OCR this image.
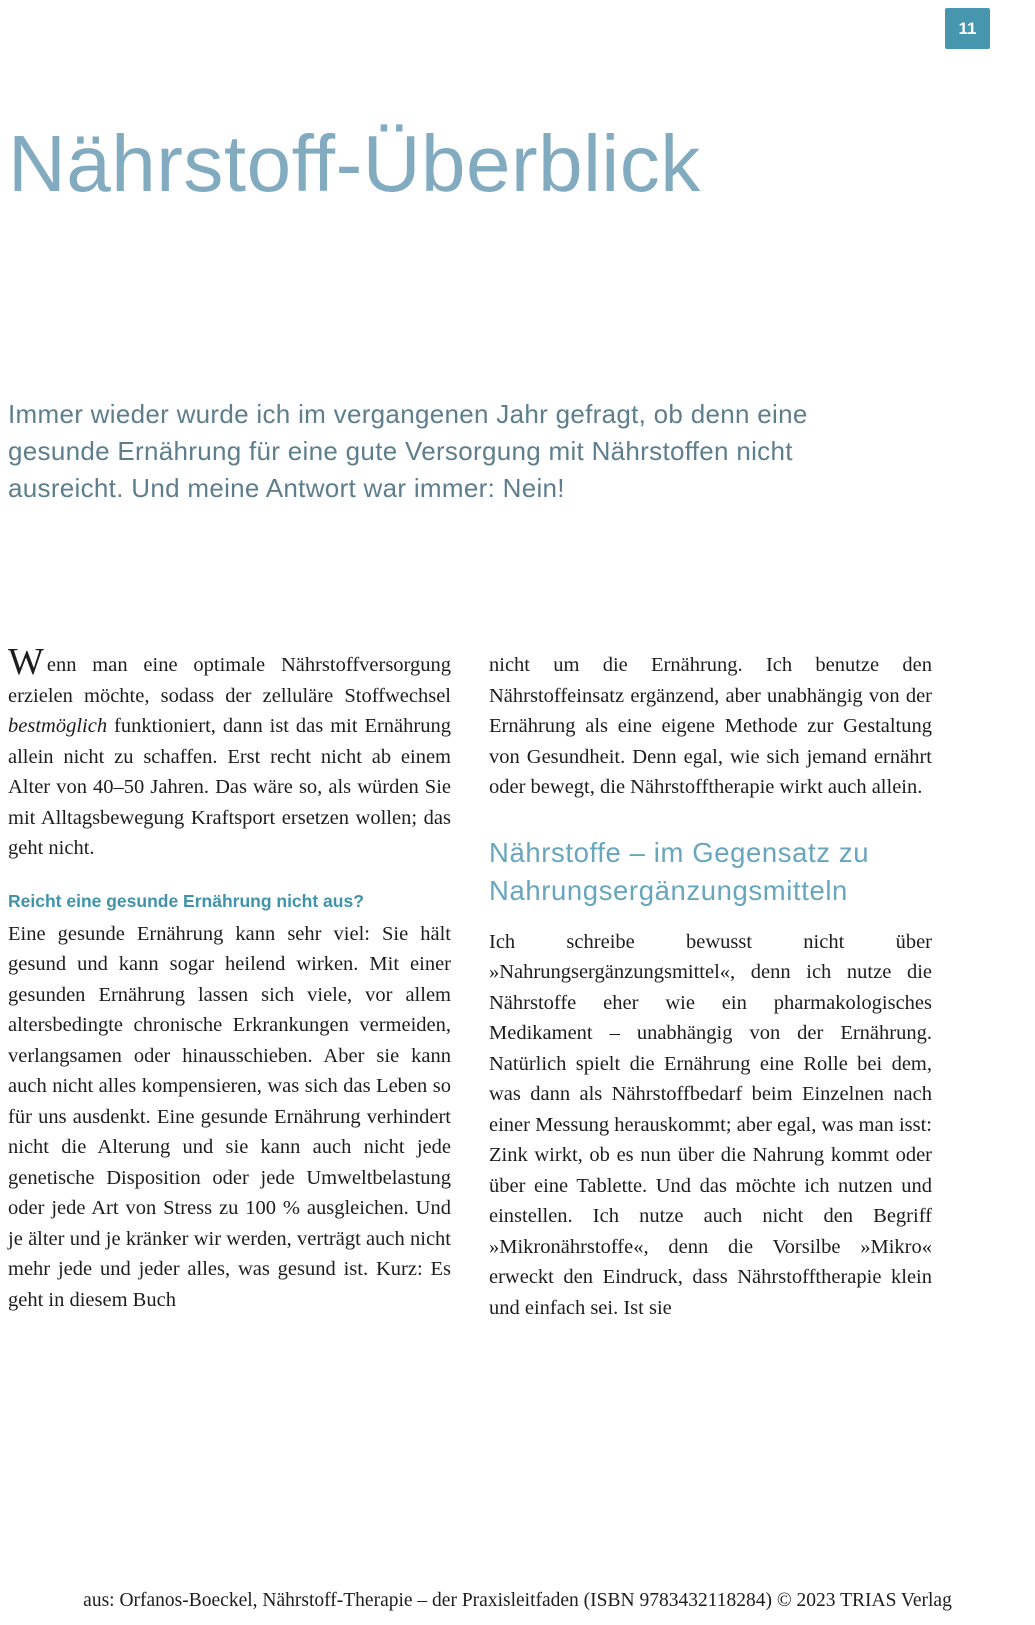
11
Nährstoff-Überblick

Immer wieder wurde ich im vergangenen Jahr gefragt, ob denn eine gesunde Ernährung für eine gute Versorgung mit Nährstoffen nicht ausreicht. Und meine Antwort war immer: Nein!

Wenn man eine optimale Nährstoffversorgung erzielen möchte, sodass der zelluläre Stoffwechsel bestmöglich funktioniert, dann ist das mit Ernährung allein nicht zu schaffen. Erst recht nicht ab einem Alter von 40–50 Jahren. Das wäre so, als würden Sie mit Alltagsbewegung Kraftsport ersetzen wollen; das geht nicht.

Reicht eine gesunde Ernährung nicht aus?

Eine gesunde Ernährung kann sehr viel: Sie hält gesund und kann sogar heilend wirken. Mit einer gesunden Ernährung lassen sich viele, vor allem altersbedingte chronische Erkrankungen vermeiden, verlangsamen oder hinausschieben. Aber sie kann auch nicht alles kompensieren, was sich das Leben so für uns ausdenkt. Eine gesunde Ernährung verhindert nicht die Alterung und sie kann auch nicht jede genetische Disposition oder jede Umweltbelastung oder jede Art von Stress zu 100 % ausgleichen. Und je älter und je kränker wir werden, verträgt auch nicht mehr jede und jeder alles, was gesund ist. Kurz: Es geht in diesem Buch

nicht um die Ernährung. Ich benutze den Nährstoffeinsatz ergänzend, aber unabhängig von der Ernährung als eine eigene Methode zur Gestaltung von Gesundheit. Denn egal, wie sich jemand ernährt oder bewegt, die Nährstofftherapie wirkt auch allein.

Nährstoffe – im Gegensatz zu Nahrungsergänzungsmitteln

Ich schreibe bewusst nicht über »Nahrungsergänzungsmittel«, denn ich nutze die Nährstoffe eher wie ein pharmakologisches Medikament – unabhängig von der Ernährung. Natürlich spielt die Ernährung eine Rolle bei dem, was dann als Nährstoffbedarf beim Einzelnen nach einer Messung herauskommt; aber egal, was man isst: Zink wirkt, ob es nun über die Nahrung kommt oder über eine Tablette. Und das möchte ich nutzen und einstellen. Ich nutze auch nicht den Begriff »Mikronährstoffe«, denn die Vorsilbe »Mikro« erweckt den Eindruck, dass Nährstofftherapie klein und einfach sei. Ist sie

aus: Orfanos-Boeckel, Nährstoff-Therapie – der Praxisleitfaden (ISBN 9783432118284) © 2023 TRIAS Verlag
